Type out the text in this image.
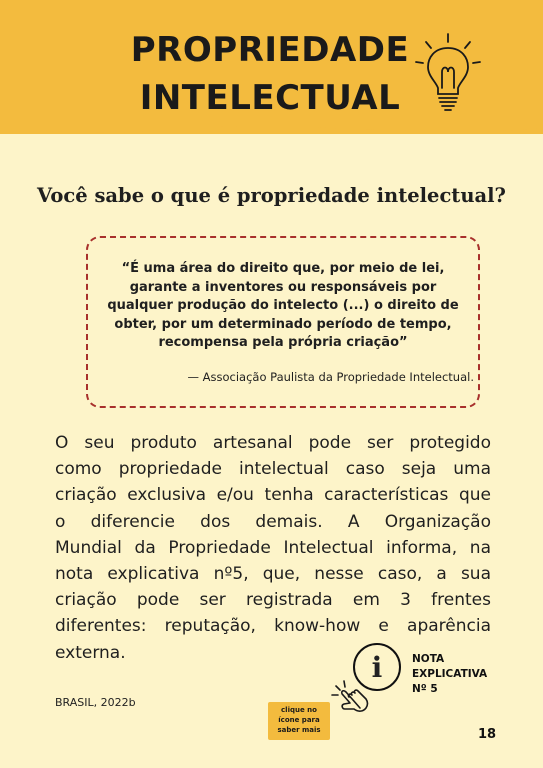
PROPRIEDADE
INTELECTUAL
Você sabe o que é propriedade intelectual?
“É uma área do direito que, por meio de lei,
garante a inventores ou responsáveis por
qualquer produção do intelecto (...) o direito de
obter, por um determinado período de tempo,
recompensa pela própria criação”
— Associação Paulista da Propriedade Intelectual.
O seu produto artesanal pode ser protegido
como propriedade intelectual caso seja uma
criação exclusiva e/ou tenha características que
o diferencie dos demais. A Organização
Mundial da Propriedade Intelectual informa, na
nota explicativa nº5, que, nesse caso, a sua
criação pode ser registrada em 3 frentes
diferentes: reputação, know-how e aparência
externa.	i	NOTA
EXPLICATIVA
Nº 5
BRASIL, 2022b
clique no
ícone para
saber mais	18
